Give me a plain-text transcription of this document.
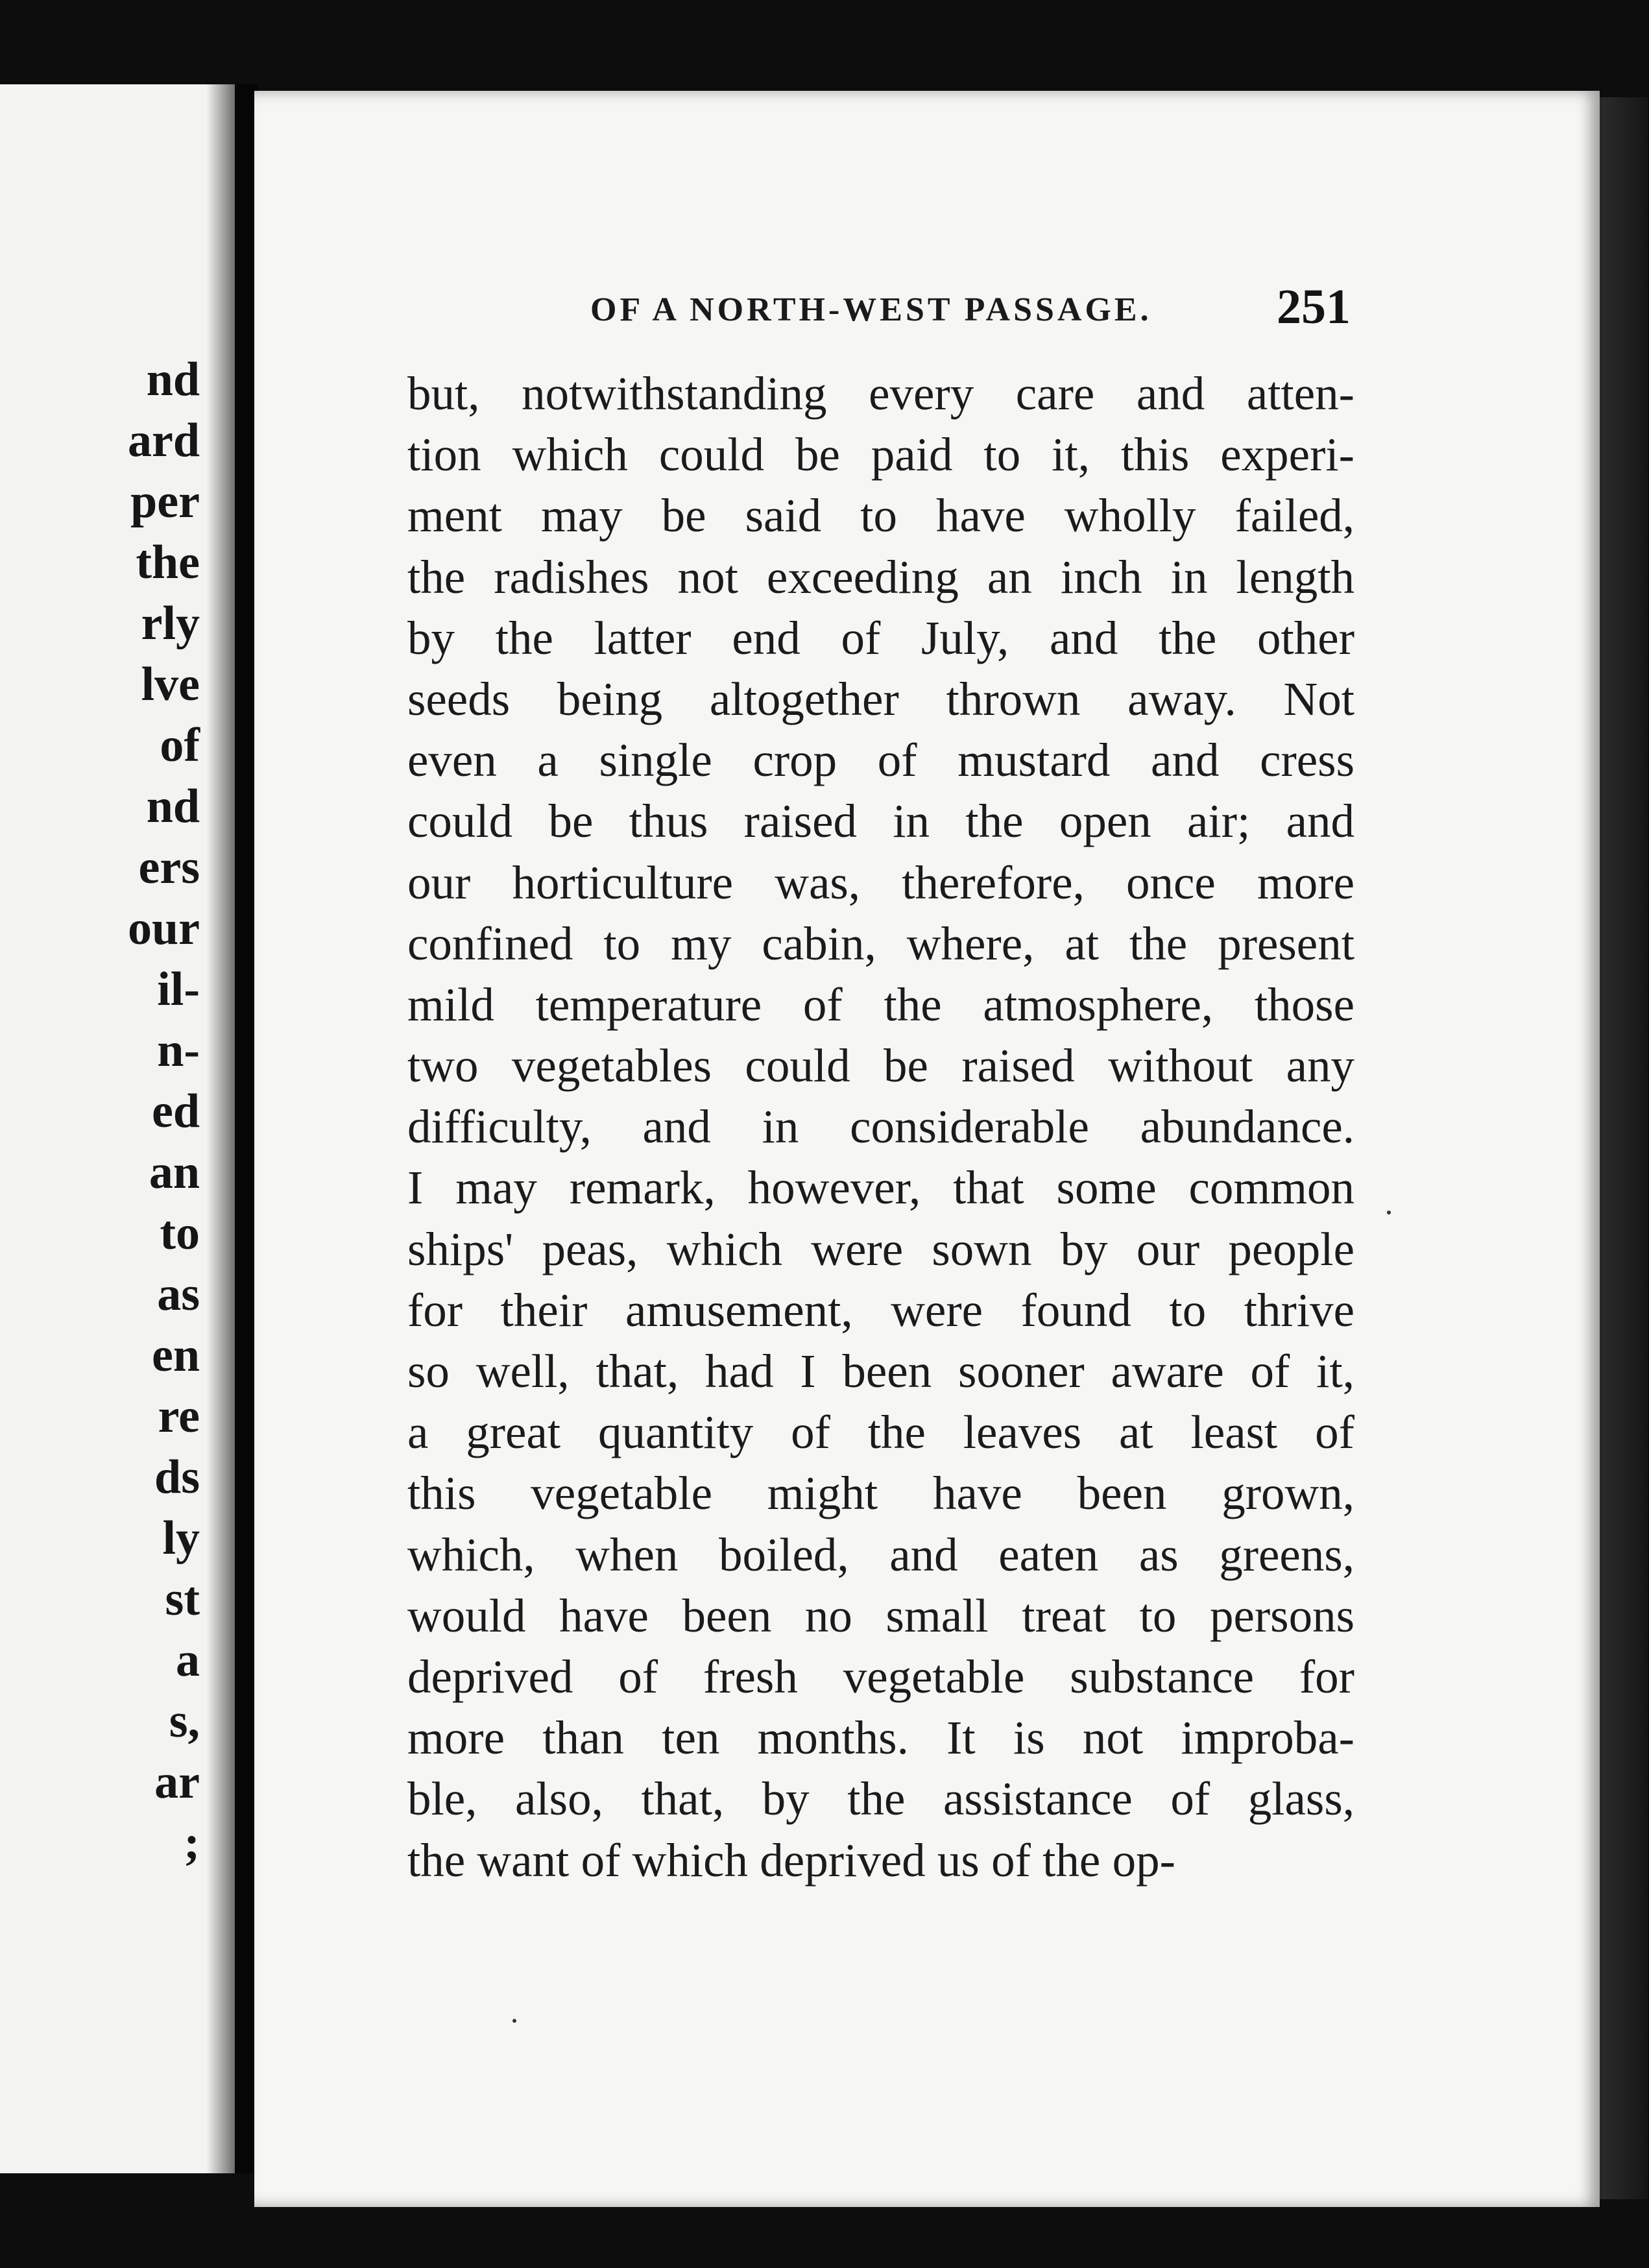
nd
ard
per
the
rly
lve
of
nd
ers
our
il-
n-
ed
an
to
as
en
re
ds
ly
st
a
s,
ar
;
OF A NORTH-WEST PASSAGE.	251
but, notwithstanding every care and atten-
tion which could be paid to it, this experi-
ment may be said to have wholly failed,
the radishes not exceeding an inch in length
by the latter end of July, and the other
seeds being altogether thrown away. Not
even a single crop of mustard and cress
could be thus raised in the open air; and
our horticulture was, therefore, once more
confined to my cabin, where, at the present
mild temperature of the atmosphere, those
two vegetables could be raised without any
difficulty, and in considerable abundance.
I may remark, however, that some common
ships' peas, which were sown by our people
for their amusement, were found to thrive
so well, that, had I been sooner aware of it,
a great quantity of the leaves at least of
this vegetable might have been grown,
which, when boiled, and eaten as greens,
would have been no small treat to persons
deprived of fresh vegetable substance for
more than ten months. It is not improba-
ble, also, that, by the assistance of glass,
the want of which deprived us of the op-
